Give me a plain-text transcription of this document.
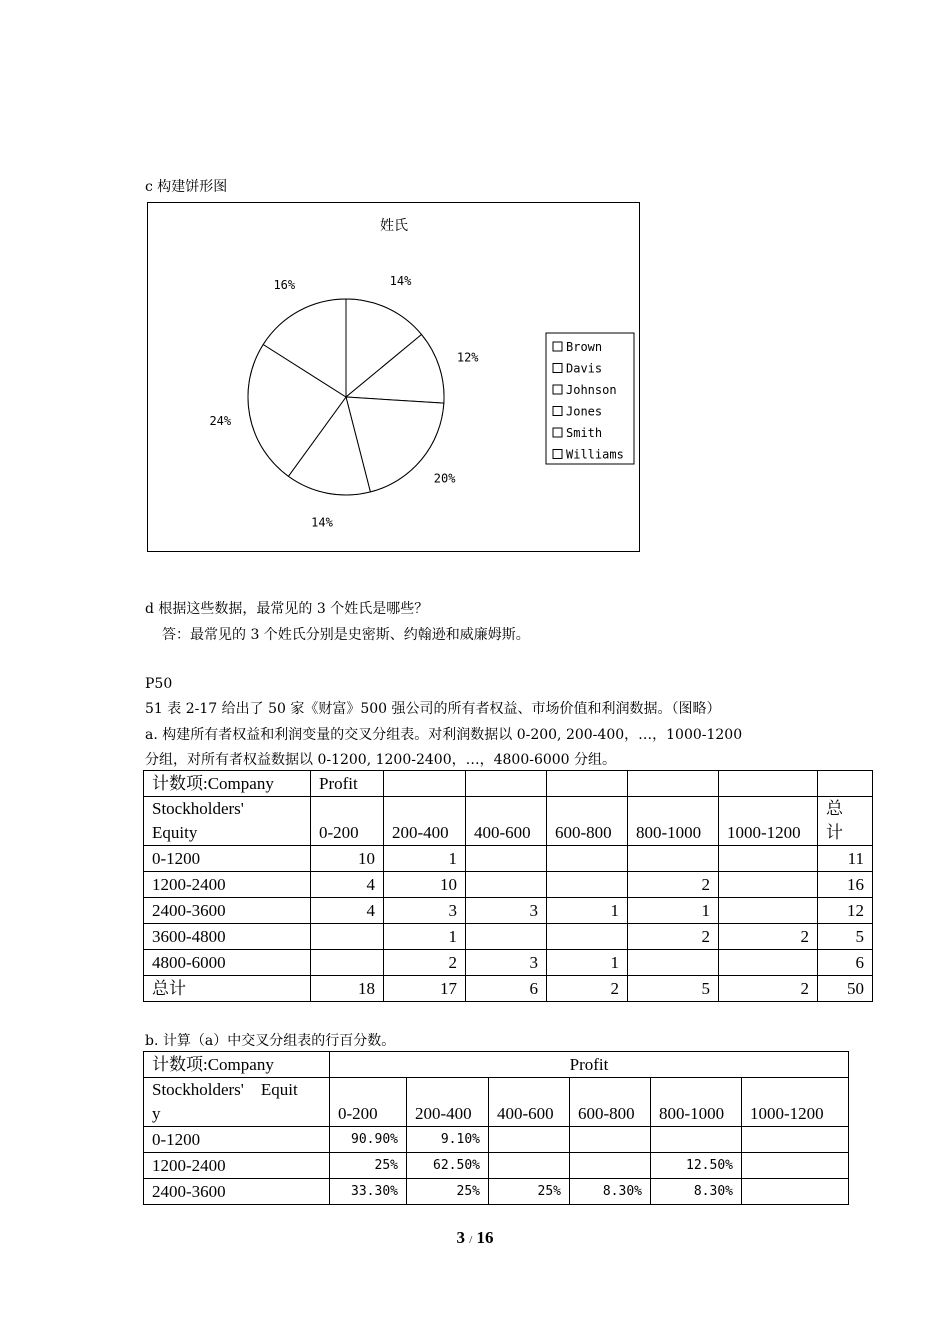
c 构建饼形图
姓氏
14%
12%
20%
14%
24%
16%
Brown
Davis
Johnson
Jones
Smith
Williams
d 根据这些数据，最常见的 3 个姓氏是哪些？
答：最常见的 3 个姓氏分别是史密斯、约翰逊和威廉姆斯。
P50
51 表 2-17 给出了 50 家《财富》500 强公司的所有者权益、市场价值和利润数据。（图略）
a. 构建所有者权益和利润变量的交叉分组表。对利润数据以 0-200, 200-400，…，1000-1200
分组，对所有者权益数据以 0-1200, 1200-2400，…，4800-6000 分组。
计数项:Company	Profit						
Stockholders'
Equity	0-200	200-400	400-600	600-800	800-1000	1000-1200	总
计
0-1200	10	1					11
1200-2400	4	10			2		16
2400-3600	4	3	3	1	1		12
3600-4800		1			2	2	5
4800-6000		2	3	1			6
总计	18	17	6	2	5	2	50
b. 计算（a）中交叉分组表的行百分数。
计数项:Company	Profit					
Stockholders'    Equit
y	0-200	200-400	400-600	600-800	800-1000	1000-1200
0-1200	90.90%	9.10%				
1200-2400	25%	62.50%			12.50%	
2400-3600	33.30%	25%	25%	8.30%	8.30%	
3 / 16
